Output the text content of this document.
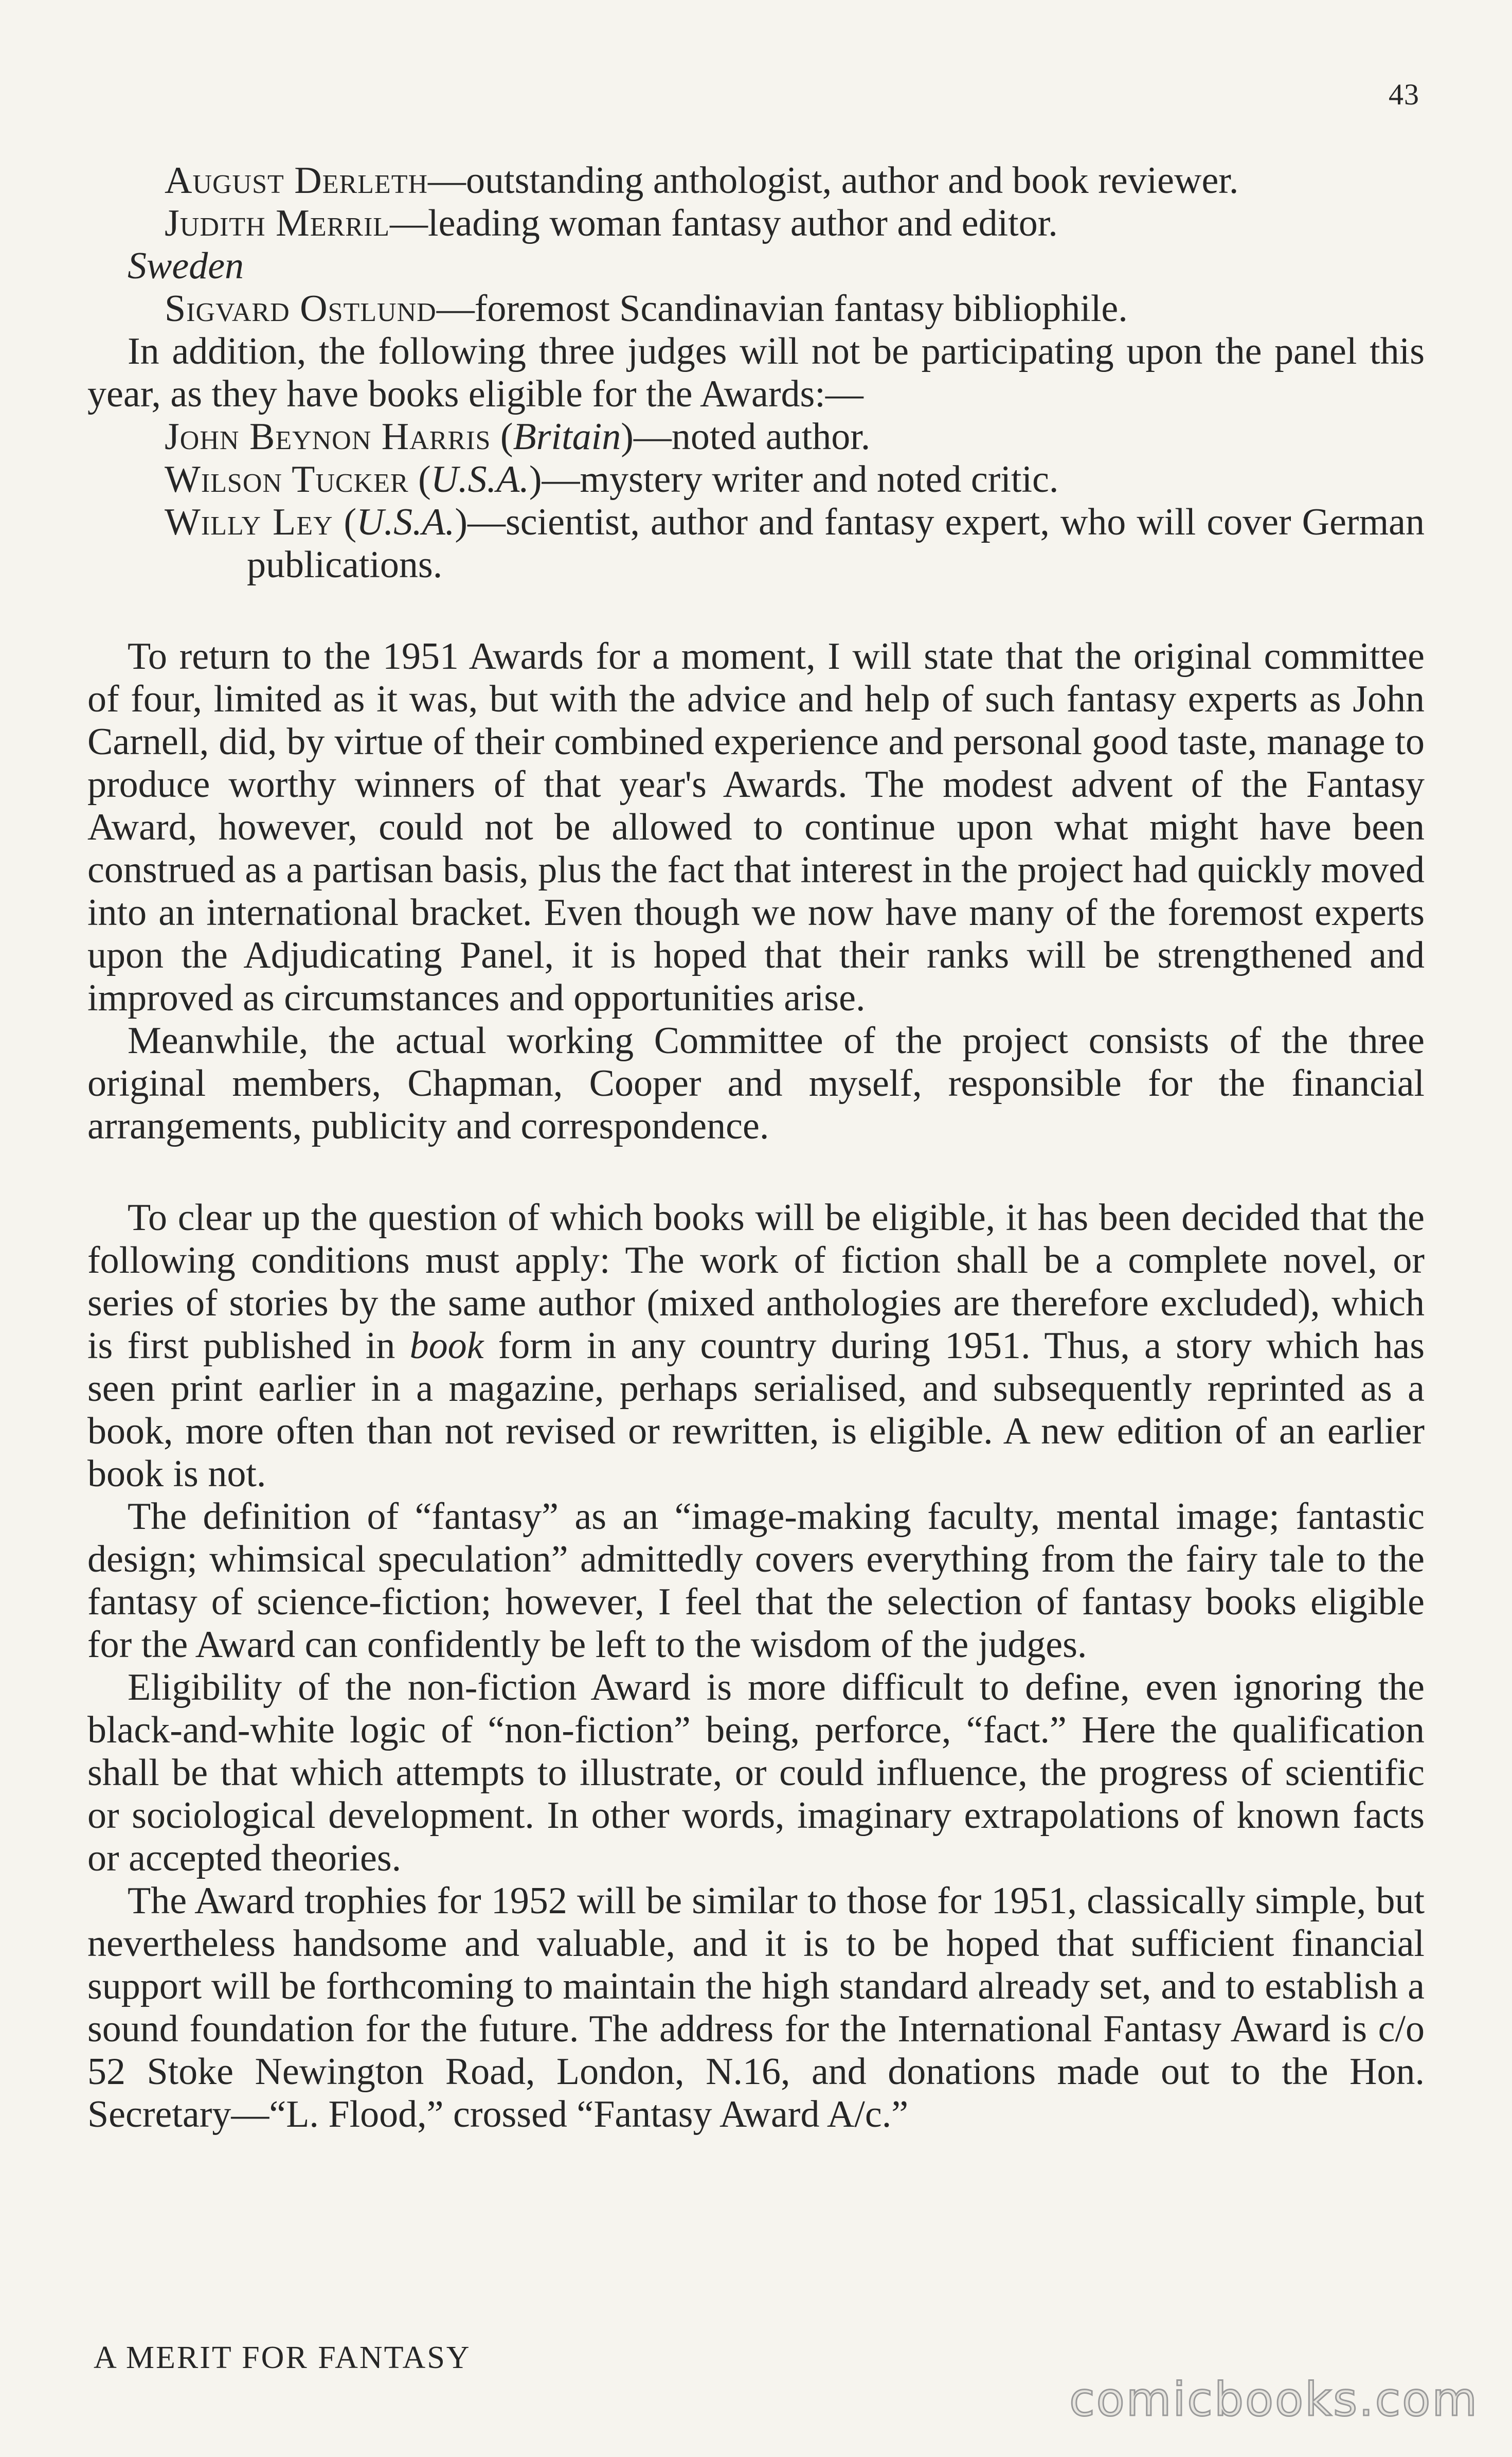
43

August Derleth—outstanding anthologist, author and book reviewer.

Judith Merril—leading woman fantasy author and editor.

Sweden

Sigvard Ostlund—foremost Scandinavian fantasy bibliophile.

In addition, the following three judges will not be participating upon the panel this year, as they have books eligible for the Awards:—

John Beynon Harris (Britain)—noted author.

Wilson Tucker (U.S.A.)—mystery writer and noted critic.

Willy Ley (U.S.A.)—scientist, author and fantasy expert, who will cover German publications.

To return to the 1951 Awards for a moment, I will state that the original committee of four, limited as it was, but with the advice and help of such fantasy experts as John Carnell, did, by virtue of their combined experience and personal good taste, manage to produce worthy winners of that year's Awards. The modest advent of the Fantasy Award, however, could not be allowed to continue upon what might have been construed as a partisan basis, plus the fact that interest in the project had quickly moved into an international bracket. Even though we now have many of the foremost experts upon the Adjudicating Panel, it is hoped that their ranks will be strengthened and improved as circumstances and opportunities arise.

Meanwhile, the actual working Committee of the project consists of the three original members, Chapman, Cooper and myself, responsible for the financial arrangements, publicity and correspondence.

To clear up the question of which books will be eligible, it has been decided that the following conditions must apply: The work of fiction shall be a complete novel, or series of stories by the same author (mixed anthologies are therefore excluded), which is first published in book form in any country during 1951. Thus, a story which has seen print earlier in a magazine, perhaps serialised, and subsequently reprinted as a book, more often than not revised or rewritten, is eligible. A new edition of an earlier book is not.

The definition of “fantasy” as an “image-making faculty, mental image; fantastic design; whimsical speculation” admittedly covers everything from the fairy tale to the fantasy of science-fiction; however, I feel that the selection of fantasy books eligible for the Award can confidently be left to the wisdom of the judges.

Eligibility of the non-fiction Award is more difficult to define, even ignoring the black-and-white logic of “non-fiction” being, perforce, “fact.” Here the qualification shall be that which attempts to illustrate, or could influence, the progress of scientific or sociological development. In other words, imaginary extrapolations of known facts or accepted theories.

The Award trophies for 1952 will be similar to those for 1951, classically simple, but nevertheless handsome and valuable, and it is to be hoped that sufficient financial support will be forthcoming to maintain the high standard already set, and to establish a sound foundation for the future. The address for the International Fantasy Award is c/o 52 Stoke Newington Road, London, N.16, and donations made out to the Hon. Secretary—“L. Flood,” crossed “Fantasy Award A/c.”

A MERIT FOR FANTASY
comicbooks.com
